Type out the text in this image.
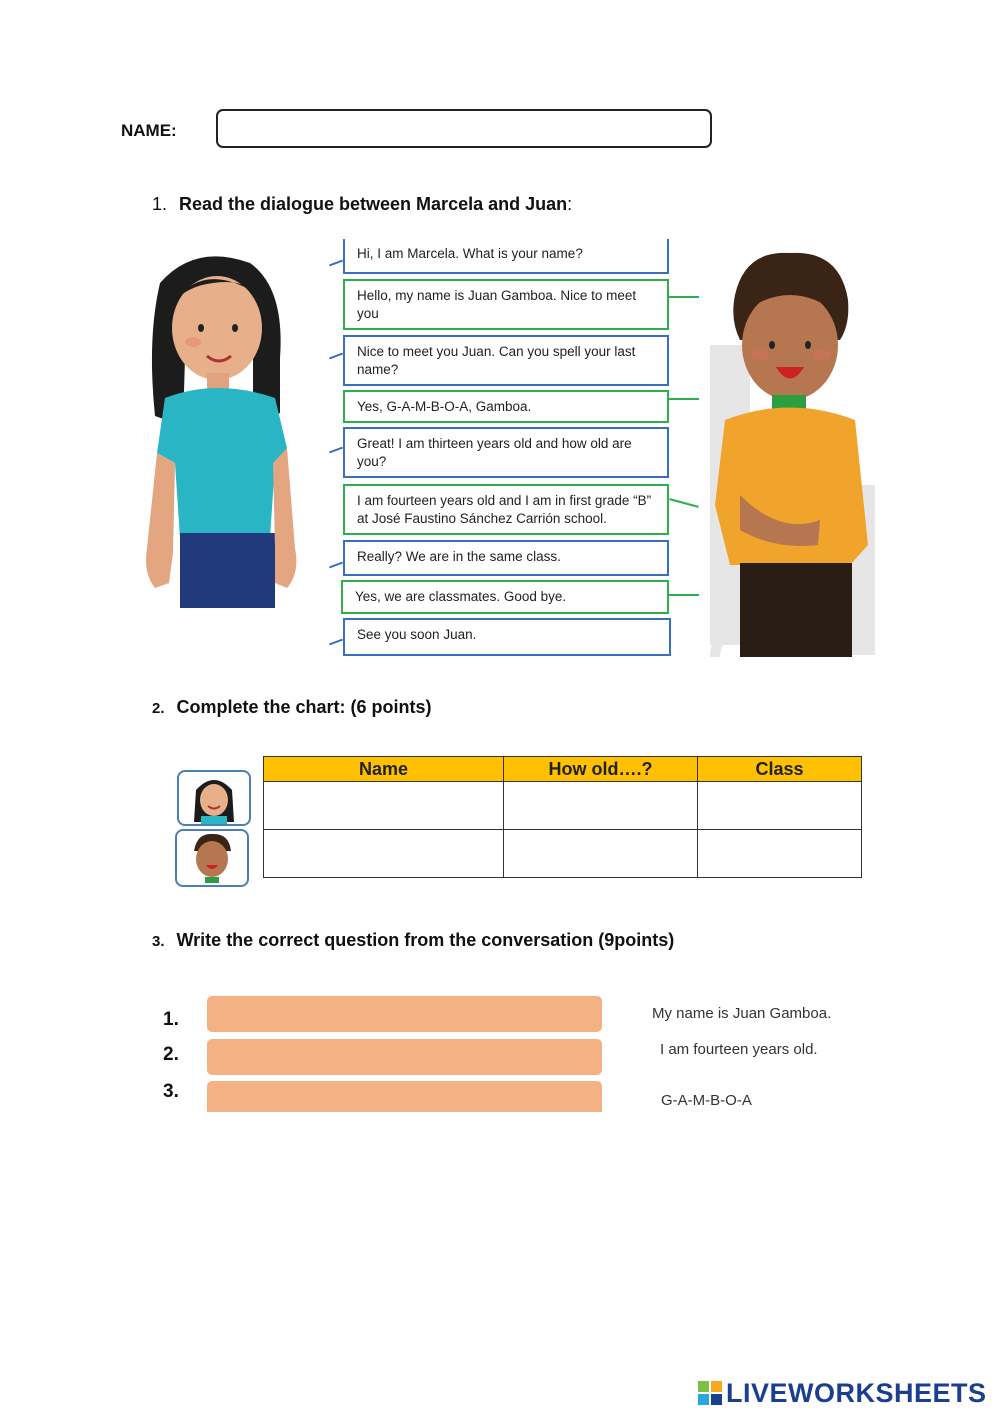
NAME:
1. Read the dialogue between Marcela and Juan:
Hi, I am Marcela. What is your name?
Hello, my name is Juan Gamboa. Nice to meet you
Nice to meet you Juan. Can you spell your last name?
Yes, G-A-M-B-O-A, Gamboa.
Great! I am thirteen years old and how old are you?
I am fourteen years old and I am in first grade “B” at José Faustino Sánchez Carrión school.
Really? We are in the same class.
Yes, we are classmates. Good bye.
See you soon Juan.
2. Complete the chart: (6 points)
Name	How old….?	Class

3. Write the correct question from the conversation (9points)
1.	My name is Juan Gamboa.
2.	I am fourteen years old.
3.	G-A-M-B-O-A
LIVEWORKSHEETS
